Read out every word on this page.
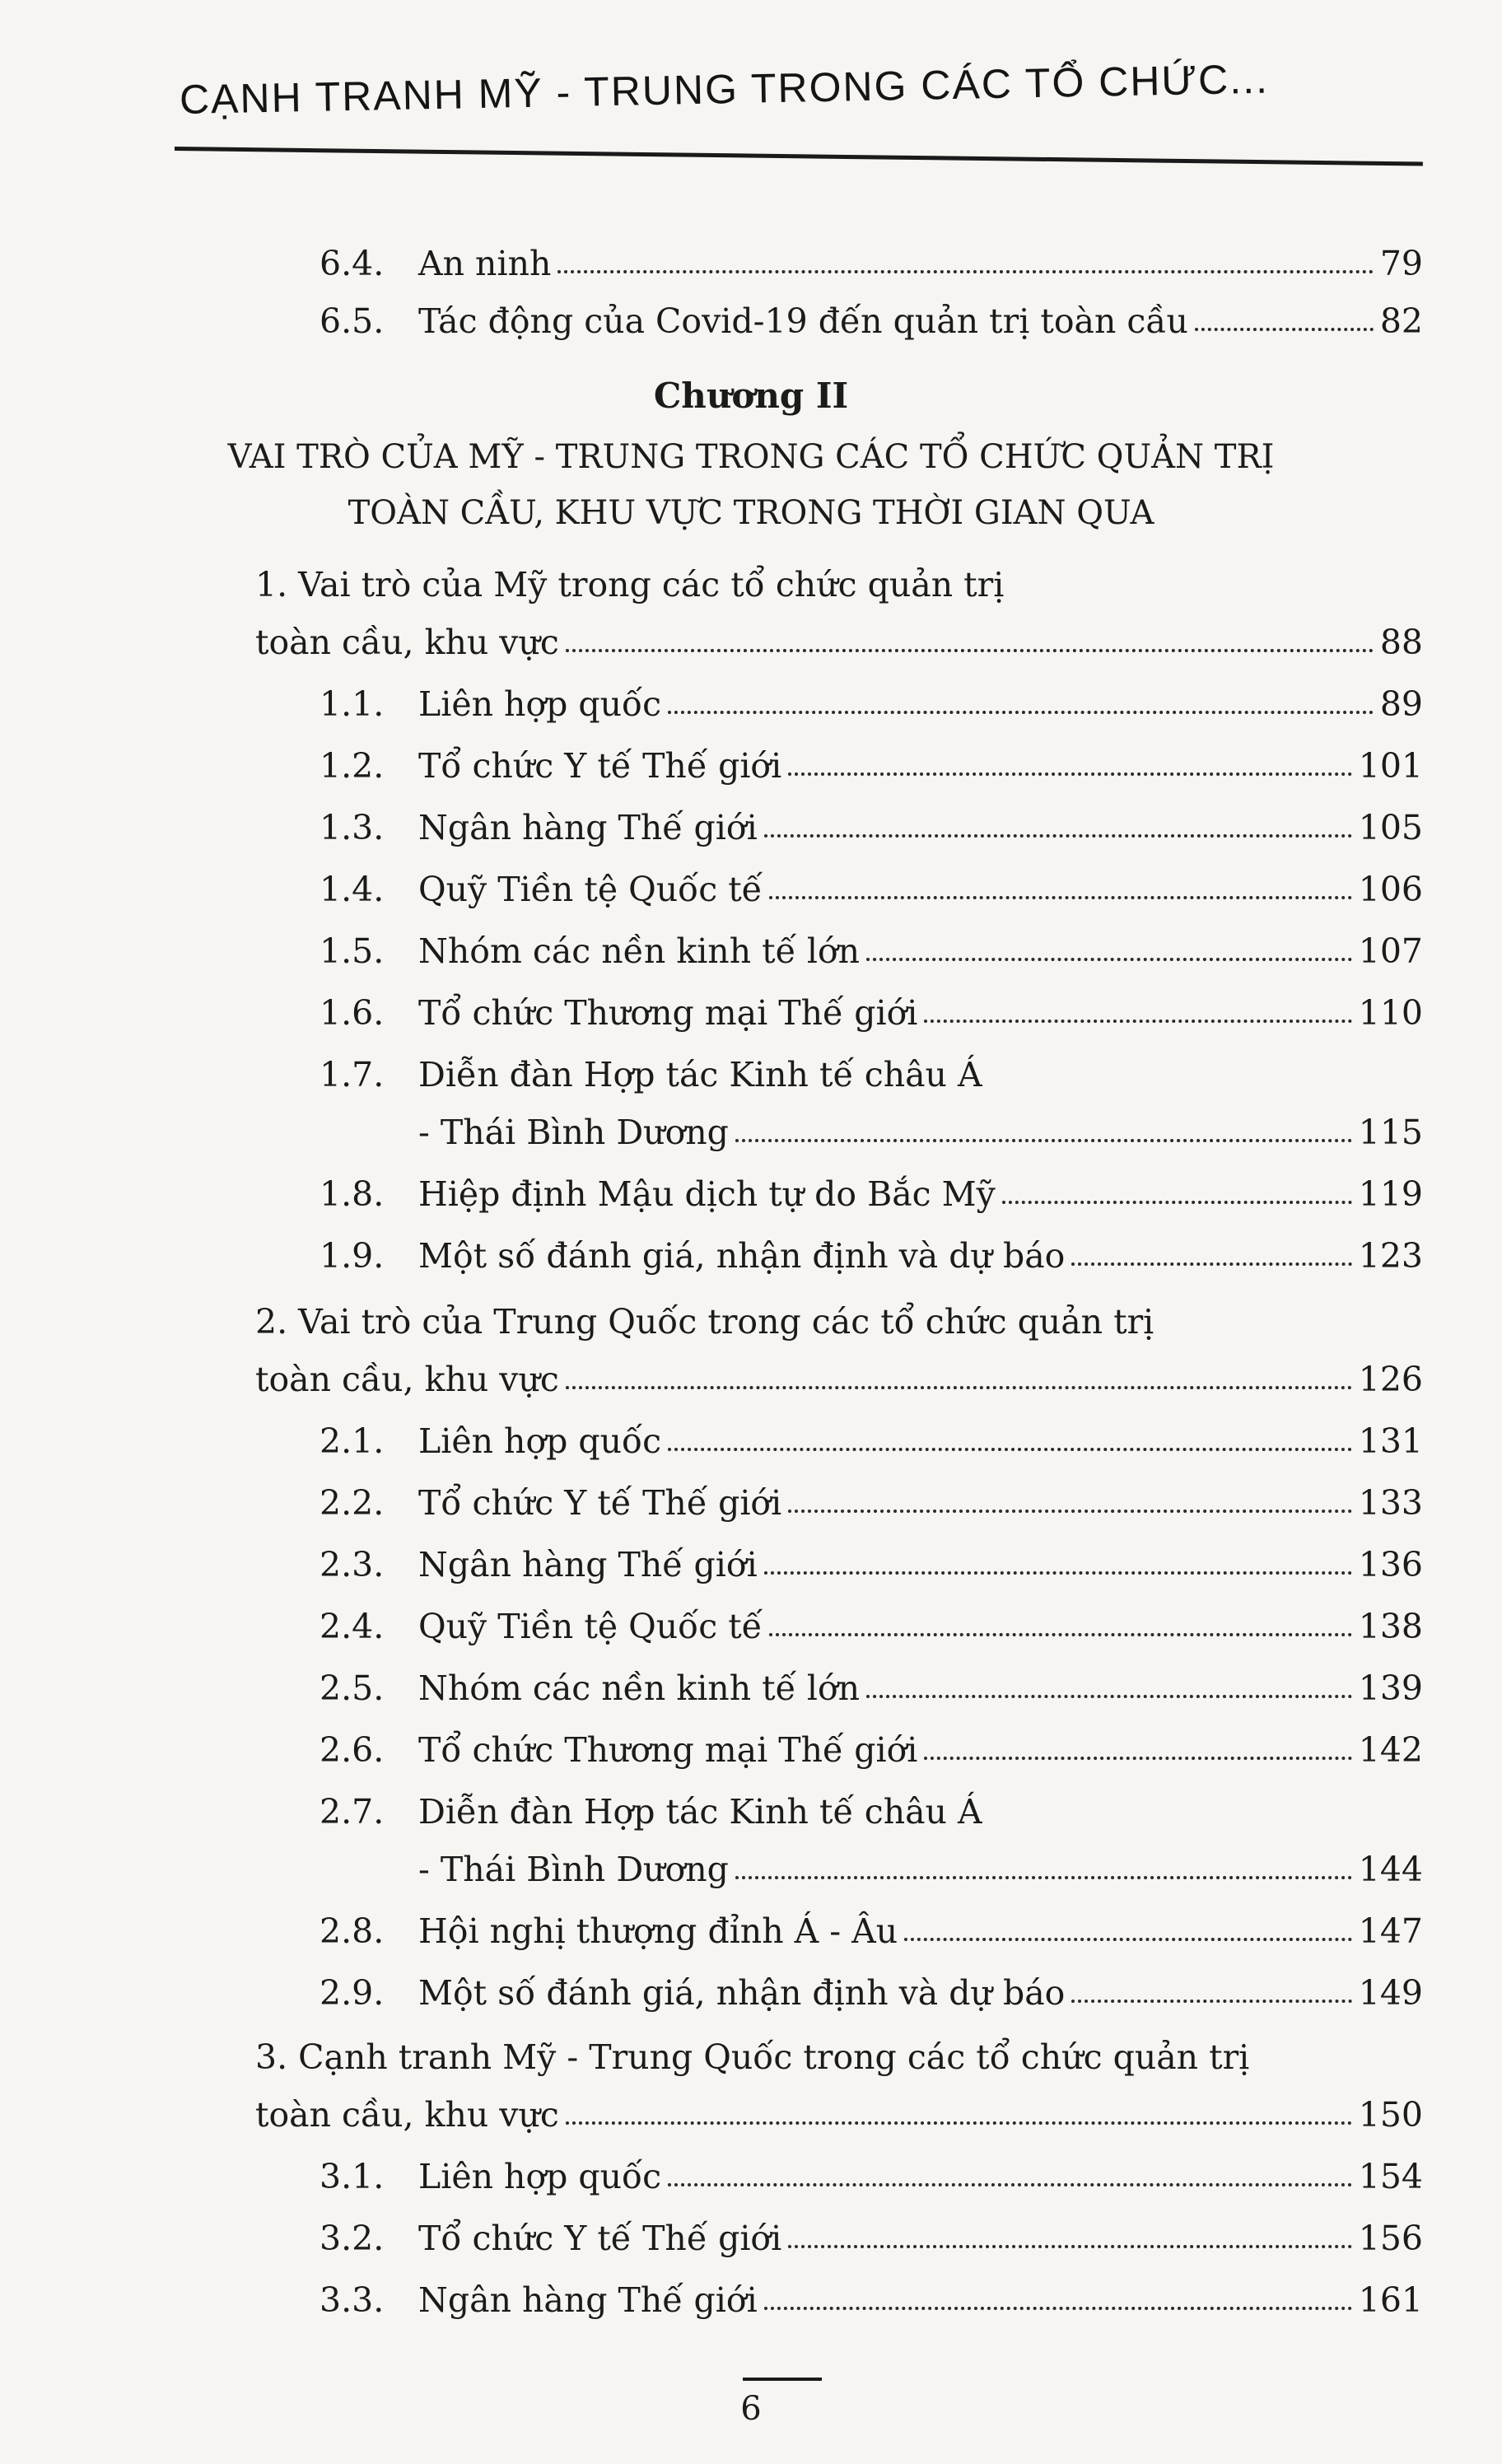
CẠNH TRANH MỸ - TRUNG TRONG CÁC TỔ CHỨC...
6.4.	An ninh	79
6.5.	Tác động của Covid-19 đến quản trị toàn cầu	82
Chương II
VAI TRÒ CỦA MỸ - TRUNG TRONG CÁC TỔ CHỨC QUẢN TRỊ
TOÀN CẦU, KHU VỰC TRONG THỜI GIAN QUA
1. Vai trò của Mỹ trong các tổ chức quản trị
toàn cầu, khu vực	88
1.1.	Liên hợp quốc	89
1.2.	Tổ chức Y tế Thế giới	101
1.3.	Ngân hàng Thế giới	105
1.4.	Quỹ Tiền tệ Quốc tế	106
1.5.	Nhóm các nền kinh tế lớn	107
1.6.	Tổ chức Thương mại Thế giới	110
1.7.	Diễn đàn Hợp tác Kinh tế châu Á
- Thái Bình Dương	115
1.8.	Hiệp định Mậu dịch tự do Bắc Mỹ	119
1.9.	Một số đánh giá, nhận định và dự báo	123
2. Vai trò của Trung Quốc trong các tổ chức quản trị
toàn cầu, khu vực	126
2.1.	Liên hợp quốc	131
2.2.	Tổ chức Y tế Thế giới	133
2.3.	Ngân hàng Thế giới	136
2.4.	Quỹ Tiền tệ Quốc tế	138
2.5.	Nhóm các nền kinh tế lớn	139
2.6.	Tổ chức Thương mại Thế giới	142
2.7.	Diễn đàn Hợp tác Kinh tế châu Á
- Thái Bình Dương	144
2.8.	Hội nghị thượng đỉnh Á - Âu	147
2.9.	Một số đánh giá, nhận định và dự báo	149
3. Cạnh tranh Mỹ - Trung Quốc trong các tổ chức quản trị
toàn cầu, khu vực	150
3.1.	Liên hợp quốc	154
3.2.	Tổ chức Y tế Thế giới	156
3.3.	Ngân hàng Thế giới	161
6
